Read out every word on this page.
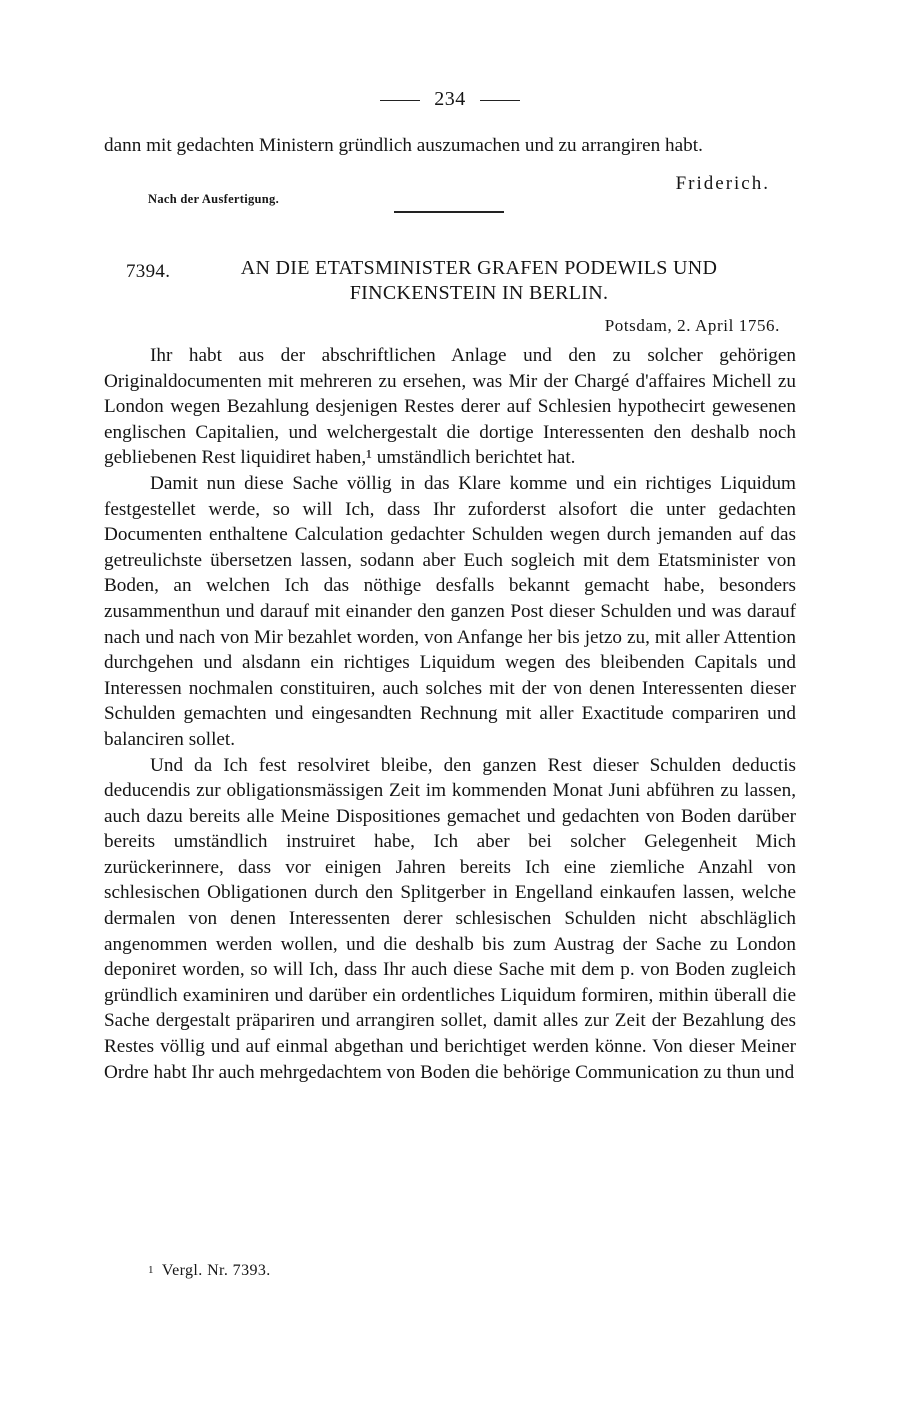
234

dann mit gedachten Ministern gründlich auszumachen und zu arrangiren habt.

Friderich.
Nach der Ausfertigung.
7394.	AN DIE ETATSMINISTER GRAFEN PODEWILS UND FINCKENSTEIN IN BERLIN.
Potsdam, 2. April 1756.

Ihr habt aus der abschriftlichen Anlage und den zu solcher gehörigen Originaldocumenten mit mehreren zu ersehen, was Mir der Chargé d'affaires Michell zu London wegen Bezahlung desjenigen Restes derer auf Schlesien hypothecirt gewesenen englischen Capitalien, und welchergestalt die dortige Interessenten den deshalb noch gebliebenen Rest liquidiret haben,¹ umständlich berichtet hat.

Damit nun diese Sache völlig in das Klare komme und ein richtiges Liquidum festgestellet werde, so will Ich, dass Ihr zuforderst alsofort die unter gedachten Documenten enthaltene Calculation gedachter Schulden wegen durch jemanden auf das getreulichste übersetzen lassen, sodann aber Euch sogleich mit dem Etatsminister von Boden, an welchen Ich das nöthige desfalls bekannt gemacht habe, besonders zusammenthun und darauf mit einander den ganzen Post dieser Schulden und was darauf nach und nach von Mir bezahlet worden, von Anfange her bis jetzo zu, mit aller Attention durchgehen und alsdann ein richtiges Liquidum wegen des bleibenden Capitals und Interessen nochmalen constituiren, auch solches mit der von denen Interessenten dieser Schulden gemachten und eingesandten Rechnung mit aller Exactitude compariren und balanciren sollet.

Und da Ich fest resolviret bleibe, den ganzen Rest dieser Schulden deductis deducendis zur obligationsmässigen Zeit im kommenden Monat Juni abführen zu lassen, auch dazu bereits alle Meine Dispositiones gemachet und gedachten von Boden darüber bereits umständlich instruiret habe, Ich aber bei solcher Gelegenheit Mich zurückerinnere, dass vor einigen Jahren bereits Ich eine ziemliche Anzahl von schlesischen Obligationen durch den Splitgerber in Engelland einkaufen lassen, welche dermalen von denen Interessenten derer schlesischen Schulden nicht abschläglich angenommen werden wollen, und die deshalb bis zum Austrag der Sache zu London deponiret worden, so will Ich, dass Ihr auch diese Sache mit dem p. von Boden zugleich gründlich examiniren und darüber ein ordentliches Liquidum formiren, mithin überall die Sache dergestalt präpariren und arrangiren sollet, damit alles zur Zeit der Bezahlung des Restes völlig und auf einmal abgethan und berichtiget werden könne. Von dieser Meiner Ordre habt Ihr auch mehrgedachtem von Boden die behörige Communication zu thun und

1 Vergl. Nr. 7393.
